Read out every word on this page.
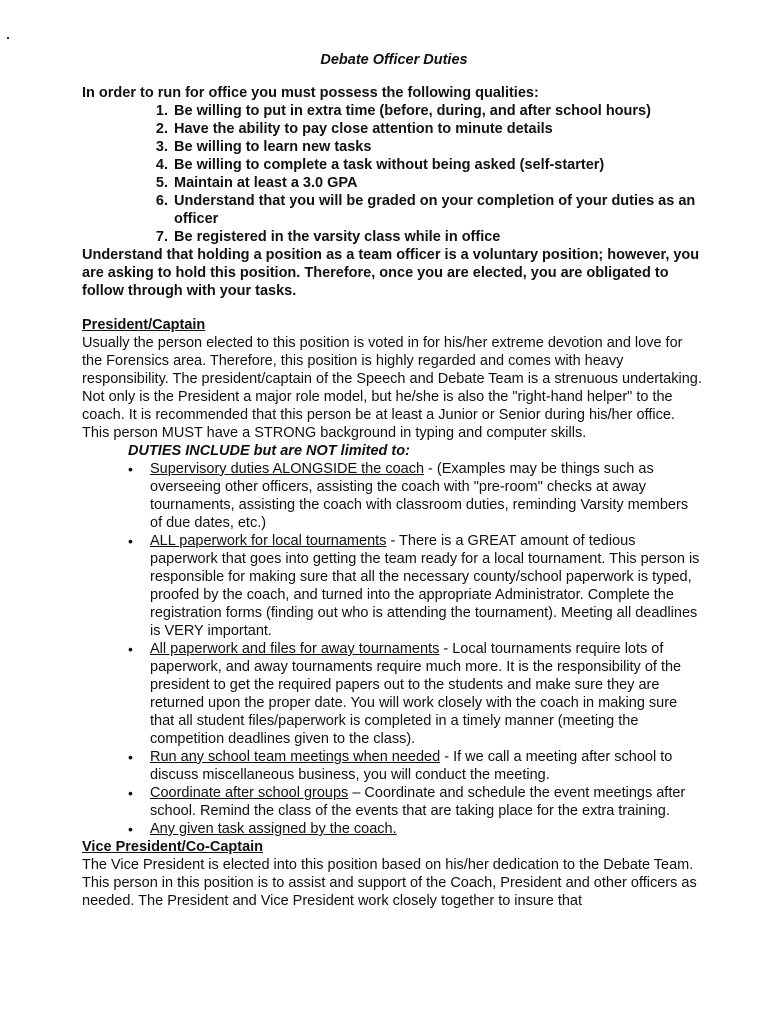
Debate Officer Duties

In order to run for office you must possess the following qualities:

1. Be willing to put in extra time (before, during, and after school hours)
2. Have the ability to pay close attention to minute details
3. Be willing to learn new tasks
4. Be willing to complete a task without being asked (self-starter)
5. Maintain at least a 3.0 GPA
6. Understand that you will be graded on your completion of your duties as an officer
7. Be registered in the varsity class while in office

Understand that holding a position as a team officer is a voluntary position; however, you are asking to hold this position. Therefore, once you are elected, you are obligated to follow through with your tasks.

President/Captain

Usually the person elected to this position is voted in for his/her extreme devotion and love for the Forensics area. Therefore, this position is highly regarded and comes with heavy responsibility. The president/captain of the Speech and Debate Team is a strenuous undertaking. Not only is the President a major role model, but he/she is also the "right-hand helper" to the coach. It is recommended that this person be at least a Junior or Senior during his/her office. This person MUST have a STRONG background in typing and computer skills.

DUTIES INCLUDE but are NOT limited to:

• Supervisory duties ALONGSIDE the coach - (Examples may be things such as overseeing other officers, assisting the coach with "pre-room" checks at away tournaments, assisting the coach with classroom duties, reminding Varsity members of due dates, etc.)
• ALL paperwork for local tournaments - There is a GREAT amount of tedious paperwork that goes into getting the team ready for a local tournament. This person is responsible for making sure that all the necessary county/school paperwork is typed, proofed by the coach, and turned into the appropriate Administrator. Complete the registration forms (finding out who is attending the tournament). Meeting all deadlines is VERY important.
• All paperwork and files for away tournaments - Local tournaments require lots of paperwork, and away tournaments require much more. It is the responsibility of the president to get the required papers out to the students and make sure they are returned upon the proper date. You will work closely with the coach in making sure that all student files/paperwork is completed in a timely manner (meeting the competition deadlines given to the class).
• Run any school team meetings when needed - If we call a meeting after school to discuss miscellaneous business, you will conduct the meeting.
• Coordinate after school groups – Coordinate and schedule the event meetings after school. Remind the class of the events that are taking place for the extra training.
• Any given task assigned by the coach.

Vice President/Co-Captain

The Vice President is elected into this position based on his/her dedication to the Debate Team. This person in this position is to assist and support of the Coach, President and other officers as needed. The President and Vice President work closely together to insure that
